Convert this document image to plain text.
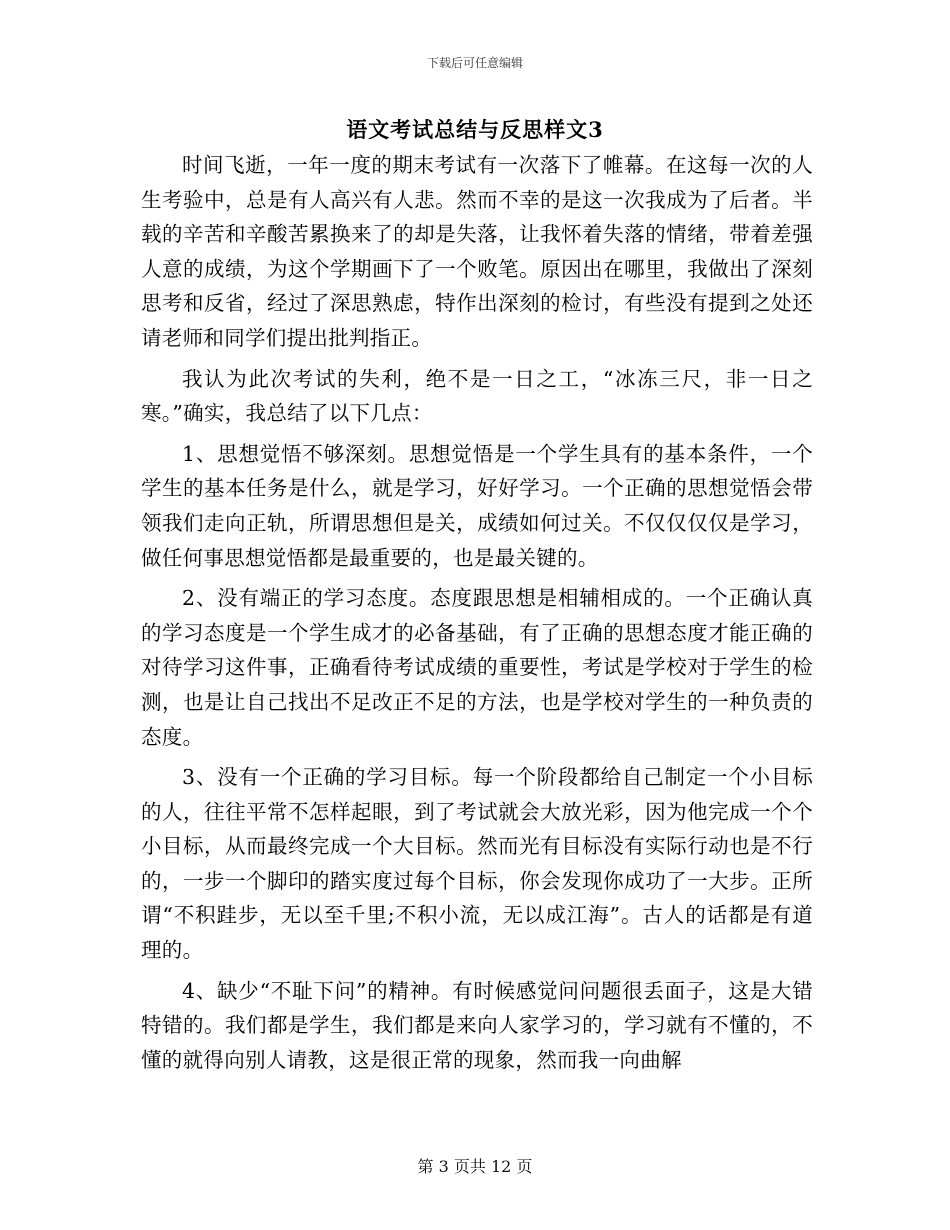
下载后可任意编辑
语文考试总结与反思样文3

时间飞逝，一年一度的期末考试有一次落下了帷幕。在这每一次的人生考验中，总是有人高兴有人悲。然而不幸的是这一次我成为了后者。半载的辛苦和辛酸苦累换来了的却是失落，让我怀着失落的情绪，带着差强人意的成绩，为这个学期画下了一个败笔。原因出在哪里，我做出了深刻思考和反省，经过了深思熟虑，特作出深刻的检讨，有些没有提到之处还请老师和同学们提出批判指正。

我认为此次考试的失利，绝不是一日之工，“冰冻三尺，非一日之寒。”确实，我总结了以下几点：

1、思想觉悟不够深刻。思想觉悟是一个学生具有的基本条件，一个学生的基本任务是什么，就是学习，好好学习。一个正确的思想觉悟会带领我们走向正轨，所谓思想但是关，成绩如何过关。不仅仅仅仅是学习，做任何事思想觉悟都是最重要的，也是最关键的。

2、没有端正的学习态度。态度跟思想是相辅相成的。一个正确认真的学习态度是一个学生成才的必备基础，有了正确的思想态度才能正确的对待学习这件事，正确看待考试成绩的重要性，考试是学校对于学生的检测，也是让自己找出不足改正不足的方法，也是学校对学生的一种负责的态度。

3、没有一个正确的学习目标。每一个阶段都给自己制定一个小目标的人，往往平常不怎样起眼，到了考试就会大放光彩，因为他完成一个个小目标，从而最终完成一个大目标。然而光有目标没有实际行动也是不行的，一步一个脚印的踏实度过每个目标，你会发现你成功了一大步。正所谓“不积跬步，无以至千里;不积小流，无以成江海”。古人的话都是有道理的。

4、缺少“不耻下问”的精神。有时候感觉问问题很丢面子，这是大错特错的。我们都是学生，我们都是来向人家学习的，学习就有不懂的，不懂的就得向别人请教，这是很正常的现象，然而我一向曲解

第 3 页共 12 页
